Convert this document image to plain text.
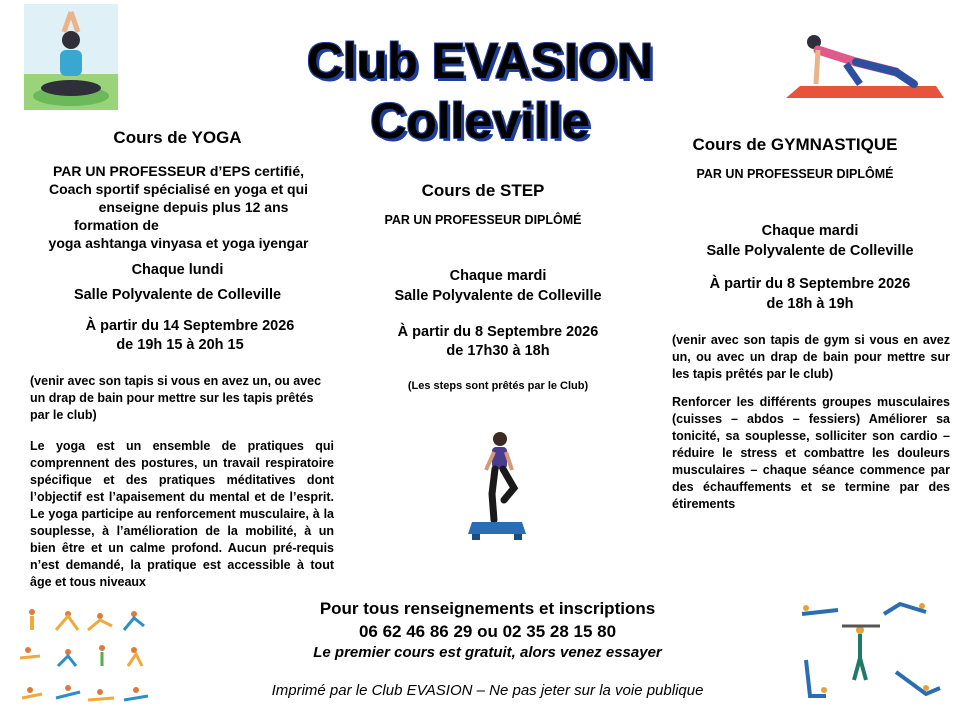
Club EVASION
Colleville
Cours de YOGA
PAR UN PROFESSEUR d’EPS certifié,
Coach sportif spécialisé en yoga et qui
enseigne depuis plus 12 ans
formation de
yoga ashtanga vinyasa et yoga iyengar
Chaque lundi
Salle Polyvalente de Colleville
À partir du 14 Septembre 2026
de 19h 15 à 20h 15
(venir avec son tapis si vous en avez un, ou avec un drap de bain pour mettre sur les tapis prêtés par le club)
Le yoga est un ensemble de pratiques qui comprennent des postures, un travail respiratoire spécifique et des pratiques méditatives dont l’objectif est l’apaisement du mental et de l’esprit. Le yoga participe au renforcement musculaire, à la souplesse, à l’amélioration de la mobilité, à un bien être et un calme profond. Aucun pré-requis n’est demandé, la pratique est accessible à tout âge et tous niveaux
Cours de STEP
PAR UN PROFESSEUR DIPLÔMÉ
Chaque mardi
Salle Polyvalente de Colleville
À partir du 8 Septembre 2026
de 17h30 à 18h
(Les steps sont prêtés par le Club)
Cours de GYMNASTIQUE
PAR UN PROFESSEUR DIPLÔMÉ
Chaque mardi
Salle Polyvalente de Colleville
À partir du 8 Septembre 2026
de 18h à 19h
(venir avec son tapis de gym si vous en avez un, ou avec un drap de bain pour mettre sur les tapis prêtés par le club)
Renforcer les différents groupes musculaires (cuisses – abdos – fessiers) Améliorer sa tonicité, sa souplesse, solliciter son cardio – réduire le stress et combattre les douleurs musculaires – chaque séance commence par des échauffements et se termine par des étirements
Pour tous renseignements et inscriptions
06 62 46 86 29 ou 02 35 28 15 80
Le premier cours est gratuit, alors venez essayer
Imprimé par le Club EVASION – Ne pas jeter sur la voie publique
